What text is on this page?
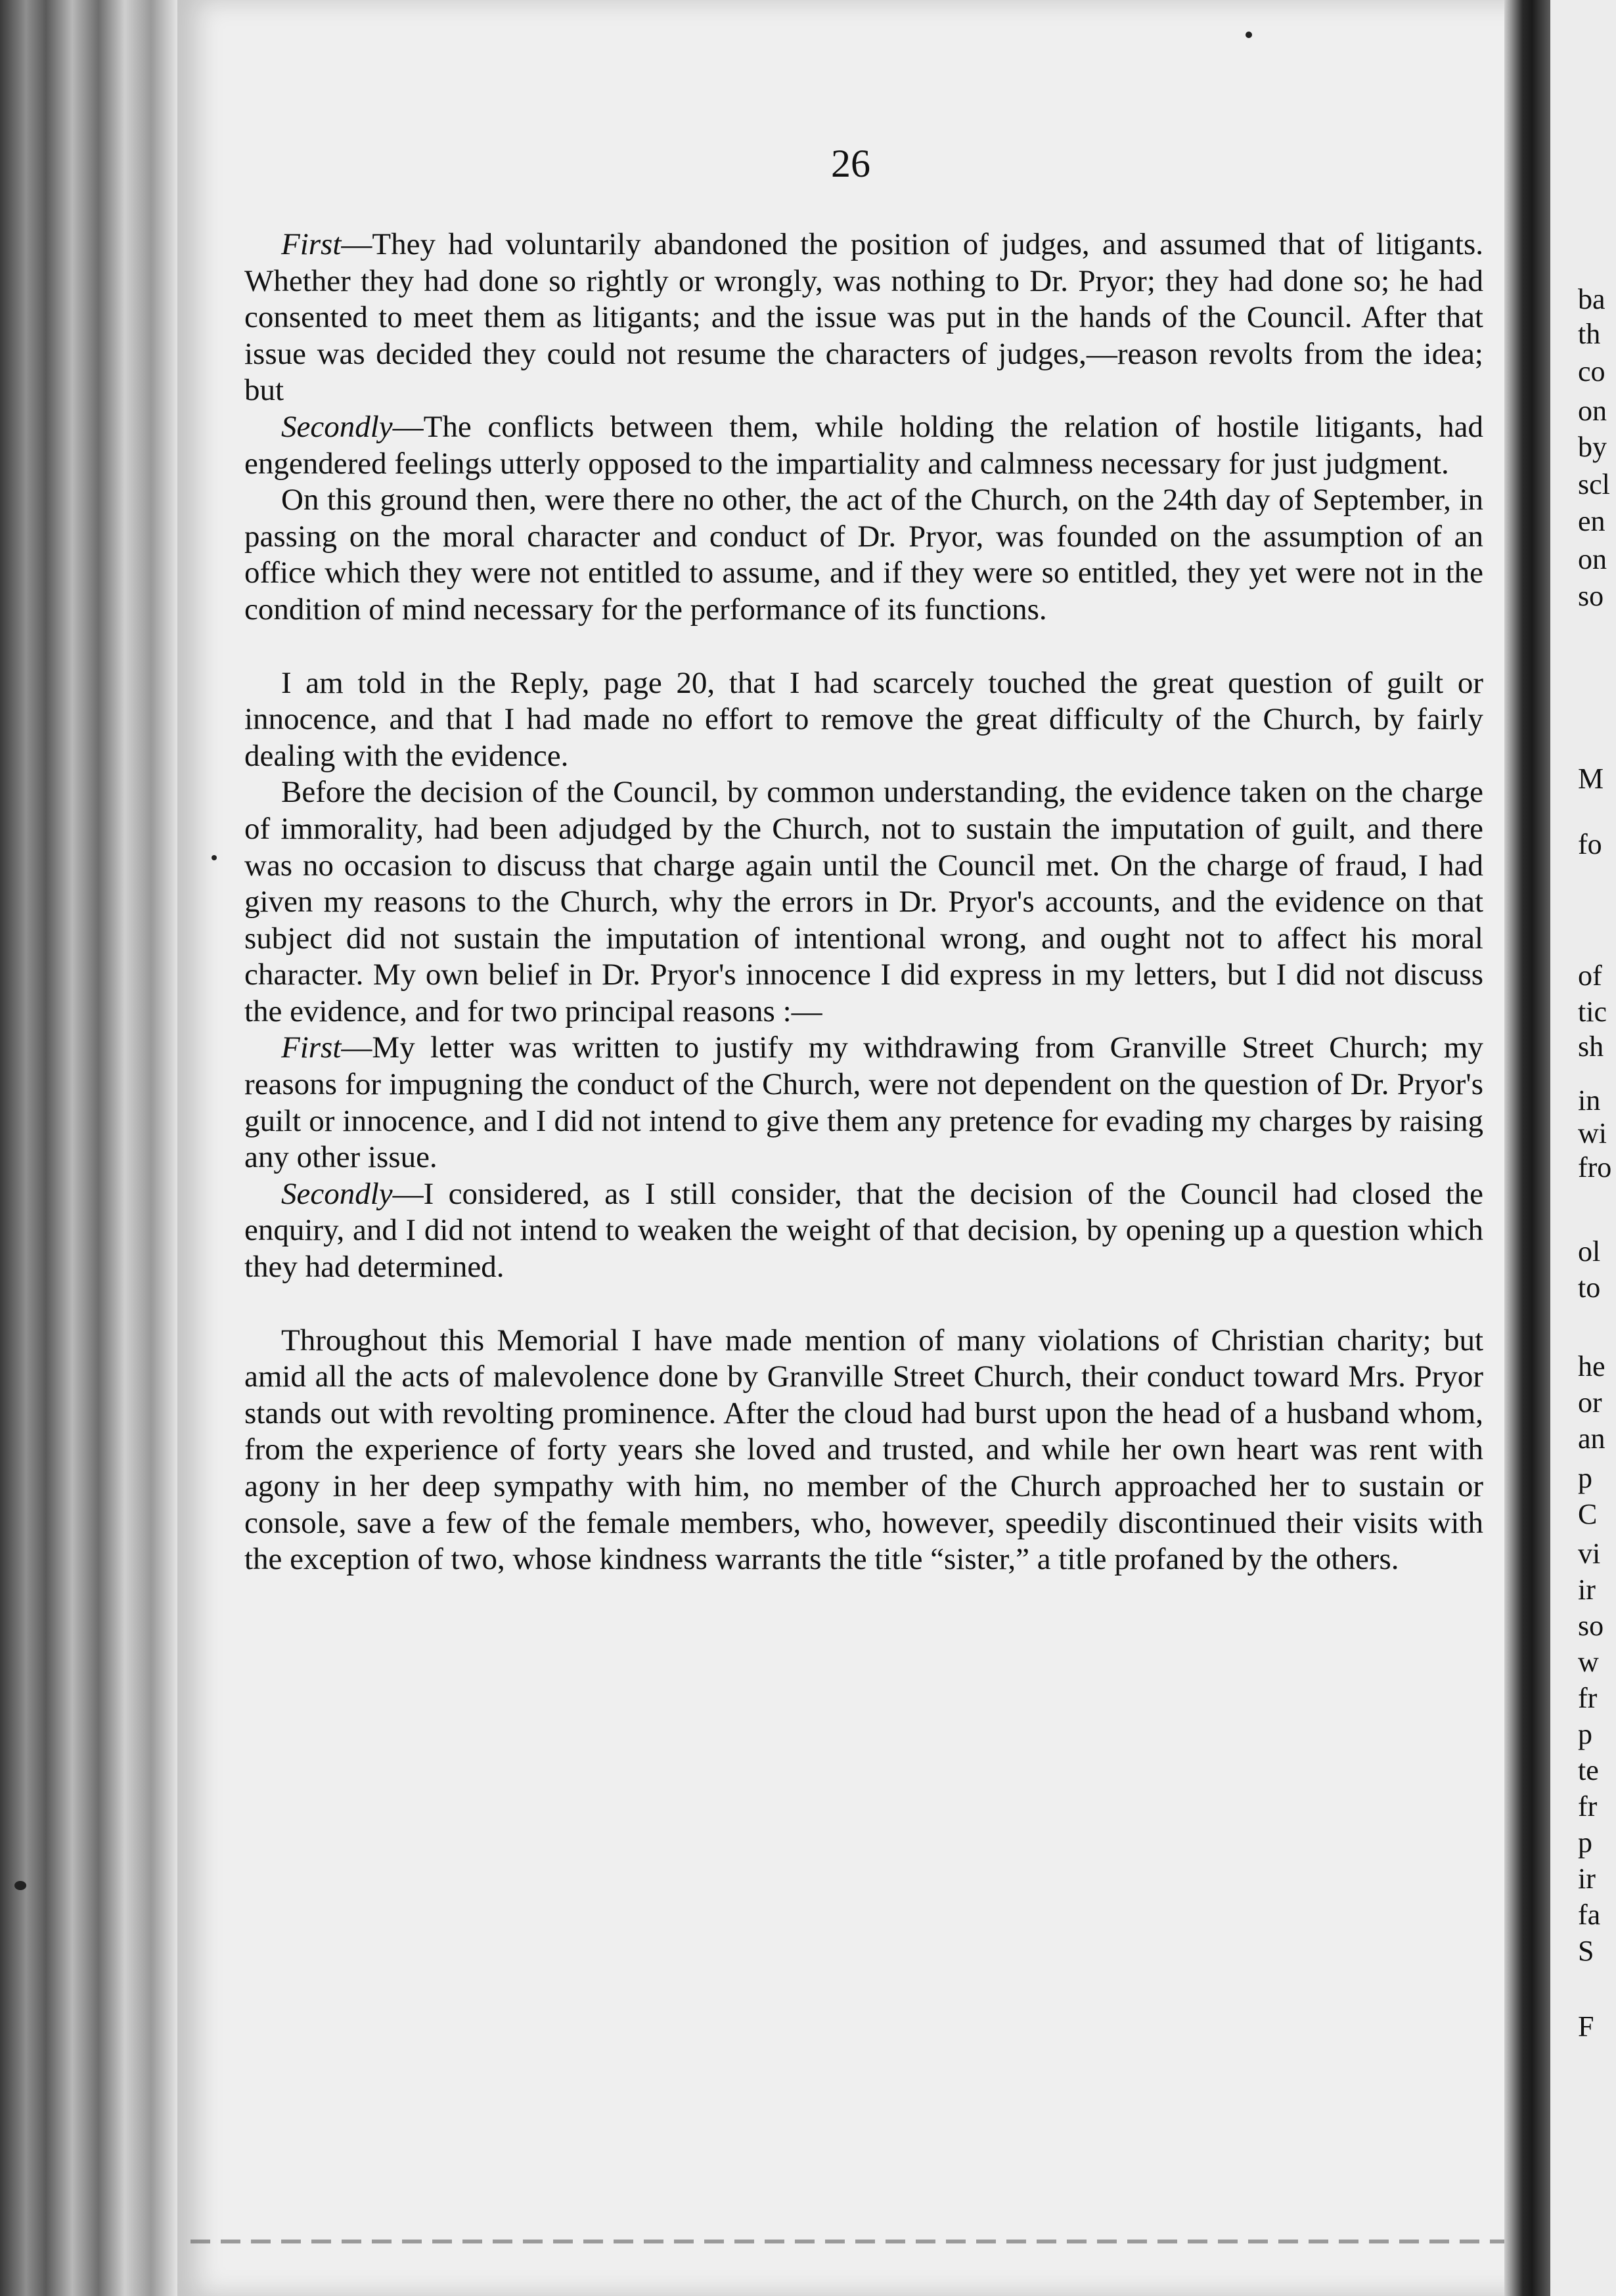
26

First—They had voluntarily abandoned the position of judges, and assumed that of litigants. Whether they had done so rightly or wrongly, was nothing to Dr. Pryor; they had done so; he had consented to meet them as litigants; and the issue was put in the hands of the Council. After that issue was decided they could not resume the characters of judges,—reason revolts from the idea; but

Secondly—The conflicts between them, while holding the relation of hostile litigants, had engendered feelings utterly opposed to the impartiality and calmness necessary for just judgment.

On this ground then, were there no other, the act of the Church, on the 24th day of September, in passing on the moral character and conduct of Dr. Pryor, was founded on the assumption of an office which they were not entitled to assume, and if they were so entitled, they yet were not in the condition of mind necessary for the performance of its functions.

I am told in the Reply, page 20, that I had scarcely touched the great question of guilt or innocence, and that I had made no effort to remove the great difficulty of the Church, by fairly dealing with the evidence.

Before the decision of the Council, by common understanding, the evidence taken on the charge of immorality, had been adjudged by the Church, not to sustain the imputation of guilt, and there was no occasion to discuss that charge again until the Council met. On the charge of fraud, I had given my reasons to the Church, why the errors in Dr. Pryor's accounts, and the evidence on that subject did not sustain the imputation of intentional wrong, and ought not to affect his moral character. My own belief in Dr. Pryor's innocence I did express in my letters, but I did not discuss the evidence, and for two principal reasons :—

First—My letter was written to justify my withdrawing from Granville Street Church; my reasons for impugning the conduct of the Church, were not dependent on the question of Dr. Pryor's guilt or innocence, and I did not intend to give them any pretence for evading my charges by raising any other issue.

Secondly—I considered, as I still consider, that the decision of the Council had closed the enquiry, and I did not intend to weaken the weight of that decision, by opening up a question which they had determined.

Throughout this Memorial I have made mention of many violations of Christian charity; but amid all the acts of malevolence done by Granville Street Church, their conduct toward Mrs. Pryor stands out with revolting prominence. After the cloud had burst upon the head of a husband whom, from the experience of forty years she loved and trusted, and while her own heart was rent with agony in her deep sympathy with him, no member of the Church approached her to sustain or console, save a few of the female members, who, however, speedily discontinued their visits with the exception of two, whose kindness warrants the title “sister,” a title profaned by the others.

ba
th
co
on
by
scl
en
on
so
M
fo
of
tic
sh
in
wi
fro
ol
to
he
or
an
p
C
vi
ir
so
w
fr
p
te
fr
p
ir
fa
S
F
